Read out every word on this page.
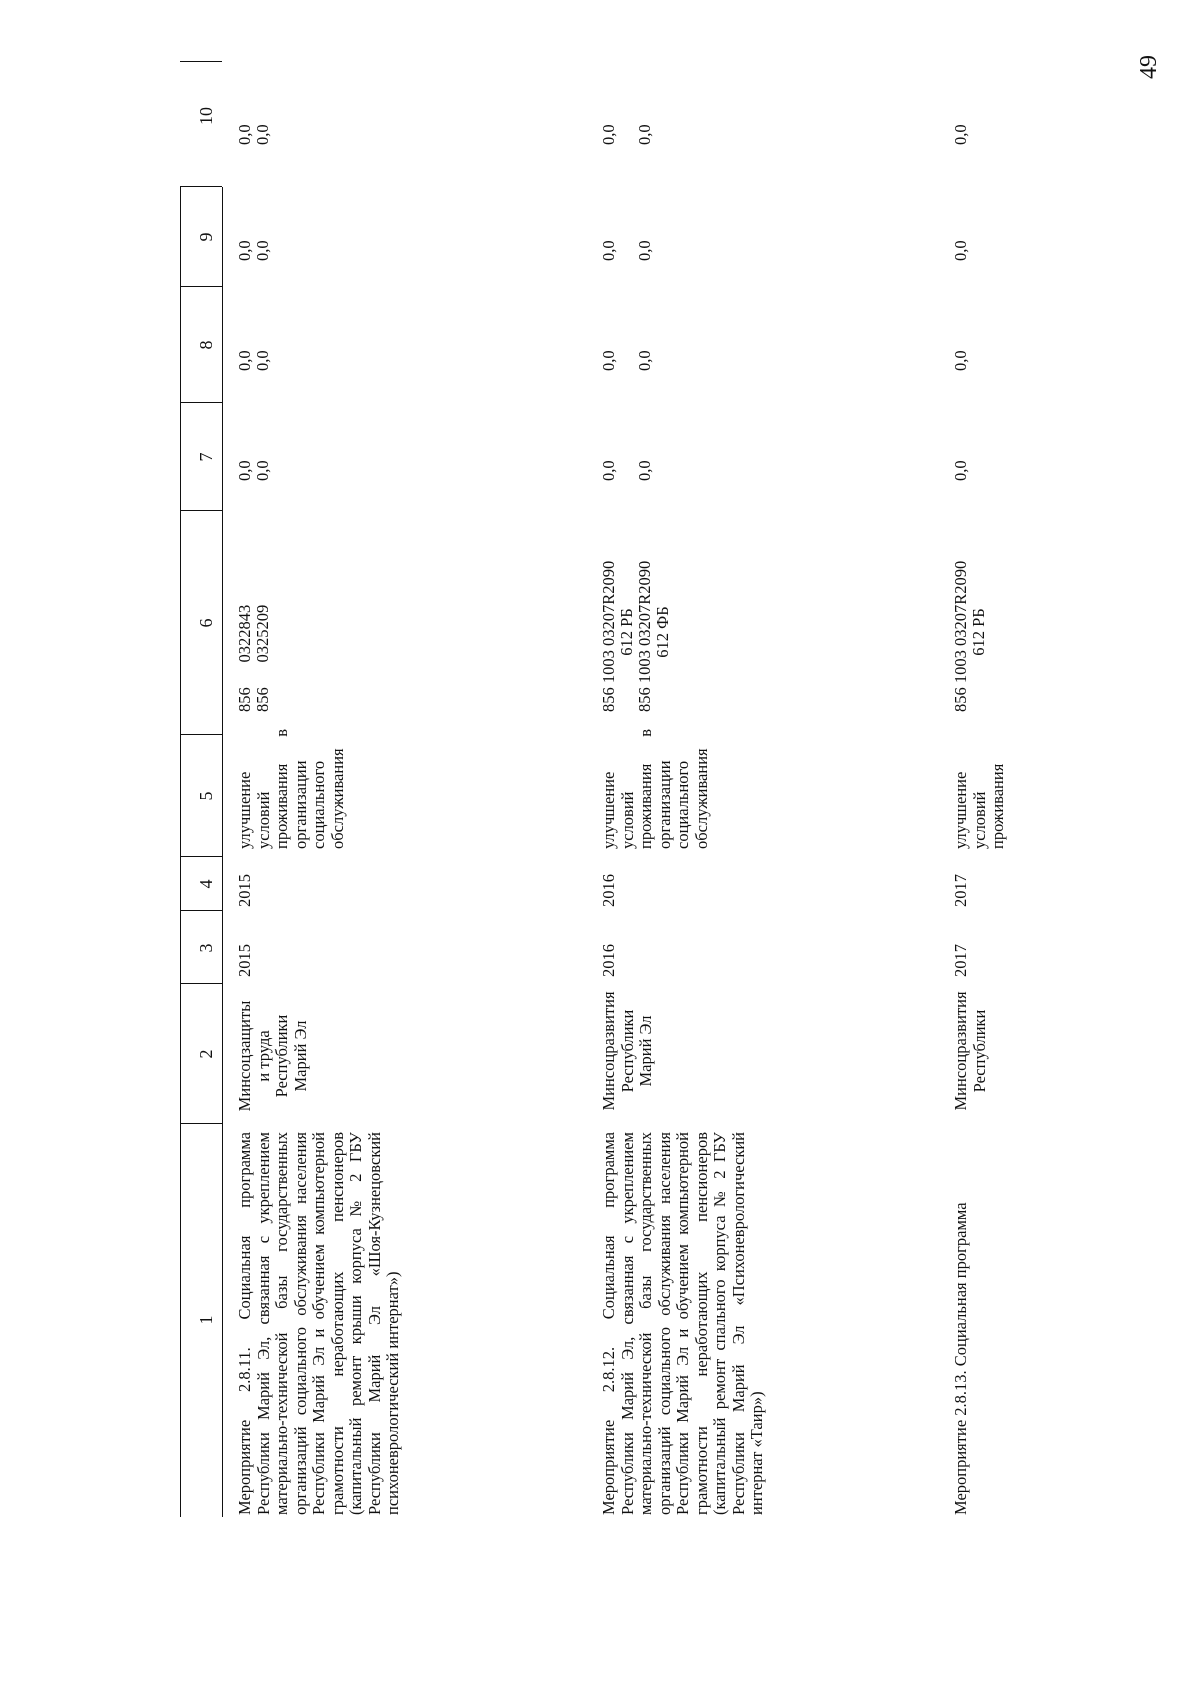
49
1
2
3
4
5
6
7
8
9
10
Мероприятие 2.8.11. Социальная программа Республики Марий Эл, связанная с укреплением материально-технической базы государственных организаций социального обслуживания населения Республики Марий Эл и обучением компьютерной грамотности неработающих пенсионеров (капитальный ремонт крыши корпуса № 2 ГБУ Республики Марий Эл «Шоя-Кузнецовский психоневрологический интернат»)
Минсоцзащиты и труда Республики Марий Эл
2015
2015
улучшение условий проживания в организации социального обслуживания
856      0322843 856      0325209
0,0 0,0
0,0 0,0
0,0 0,0
0,0 0,0
Мероприятие 2.8.12. Социальная программа Республики Марий Эл, связанная с укреплением материально-технической базы государственных организаций социального обслуживания населения Республики Марий Эл и обучением компьютерной грамотности неработающих пенсионеров (капитальный ремонт спального корпуса № 2 ГБУ Республики Марий Эл «Психоневрологический интернат «Таир»)
Минсоцразвития Республики Марий Эл
2016
2016
улучшение условий проживания в организации социального обслуживания
856 1003 03207R2090 612 РБ 856 1003 03207R2090 612 ФБ
0,0 0,0
0,0 0,0
0,0 0,0
0,0 0,0
Мероприятие 2.8.13. Социальная программа
Минсоцразвития Республики
2017
2017
улучшение условий проживания
856 1003 03207R2090 612 РБ
0,0
0,0
0,0
0,0
